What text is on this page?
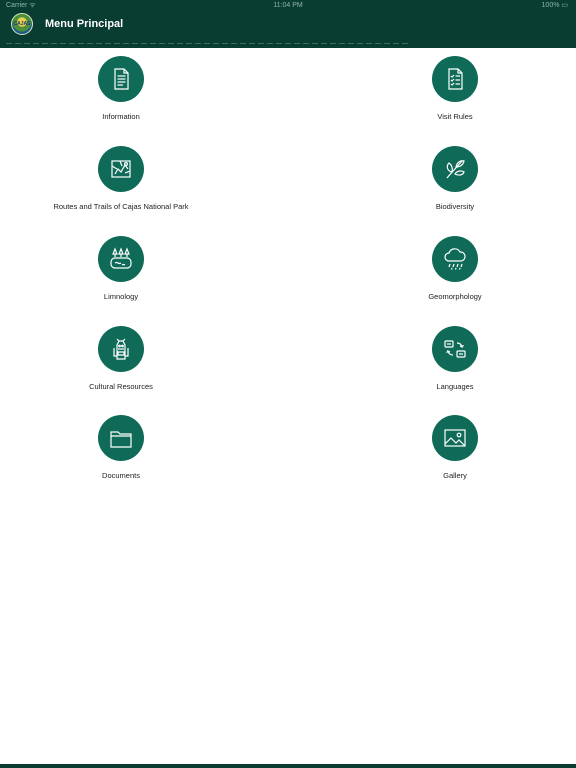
Carrier ᯤ	11:04 PM	100% ▭
CAJAS Menu Principal
Information	Visit Rules
Routes and Trails of Cajas National Park	Biodiversity
Limnology	Geomorphology
Cultural Resources	Languages
Documents	Gallery
